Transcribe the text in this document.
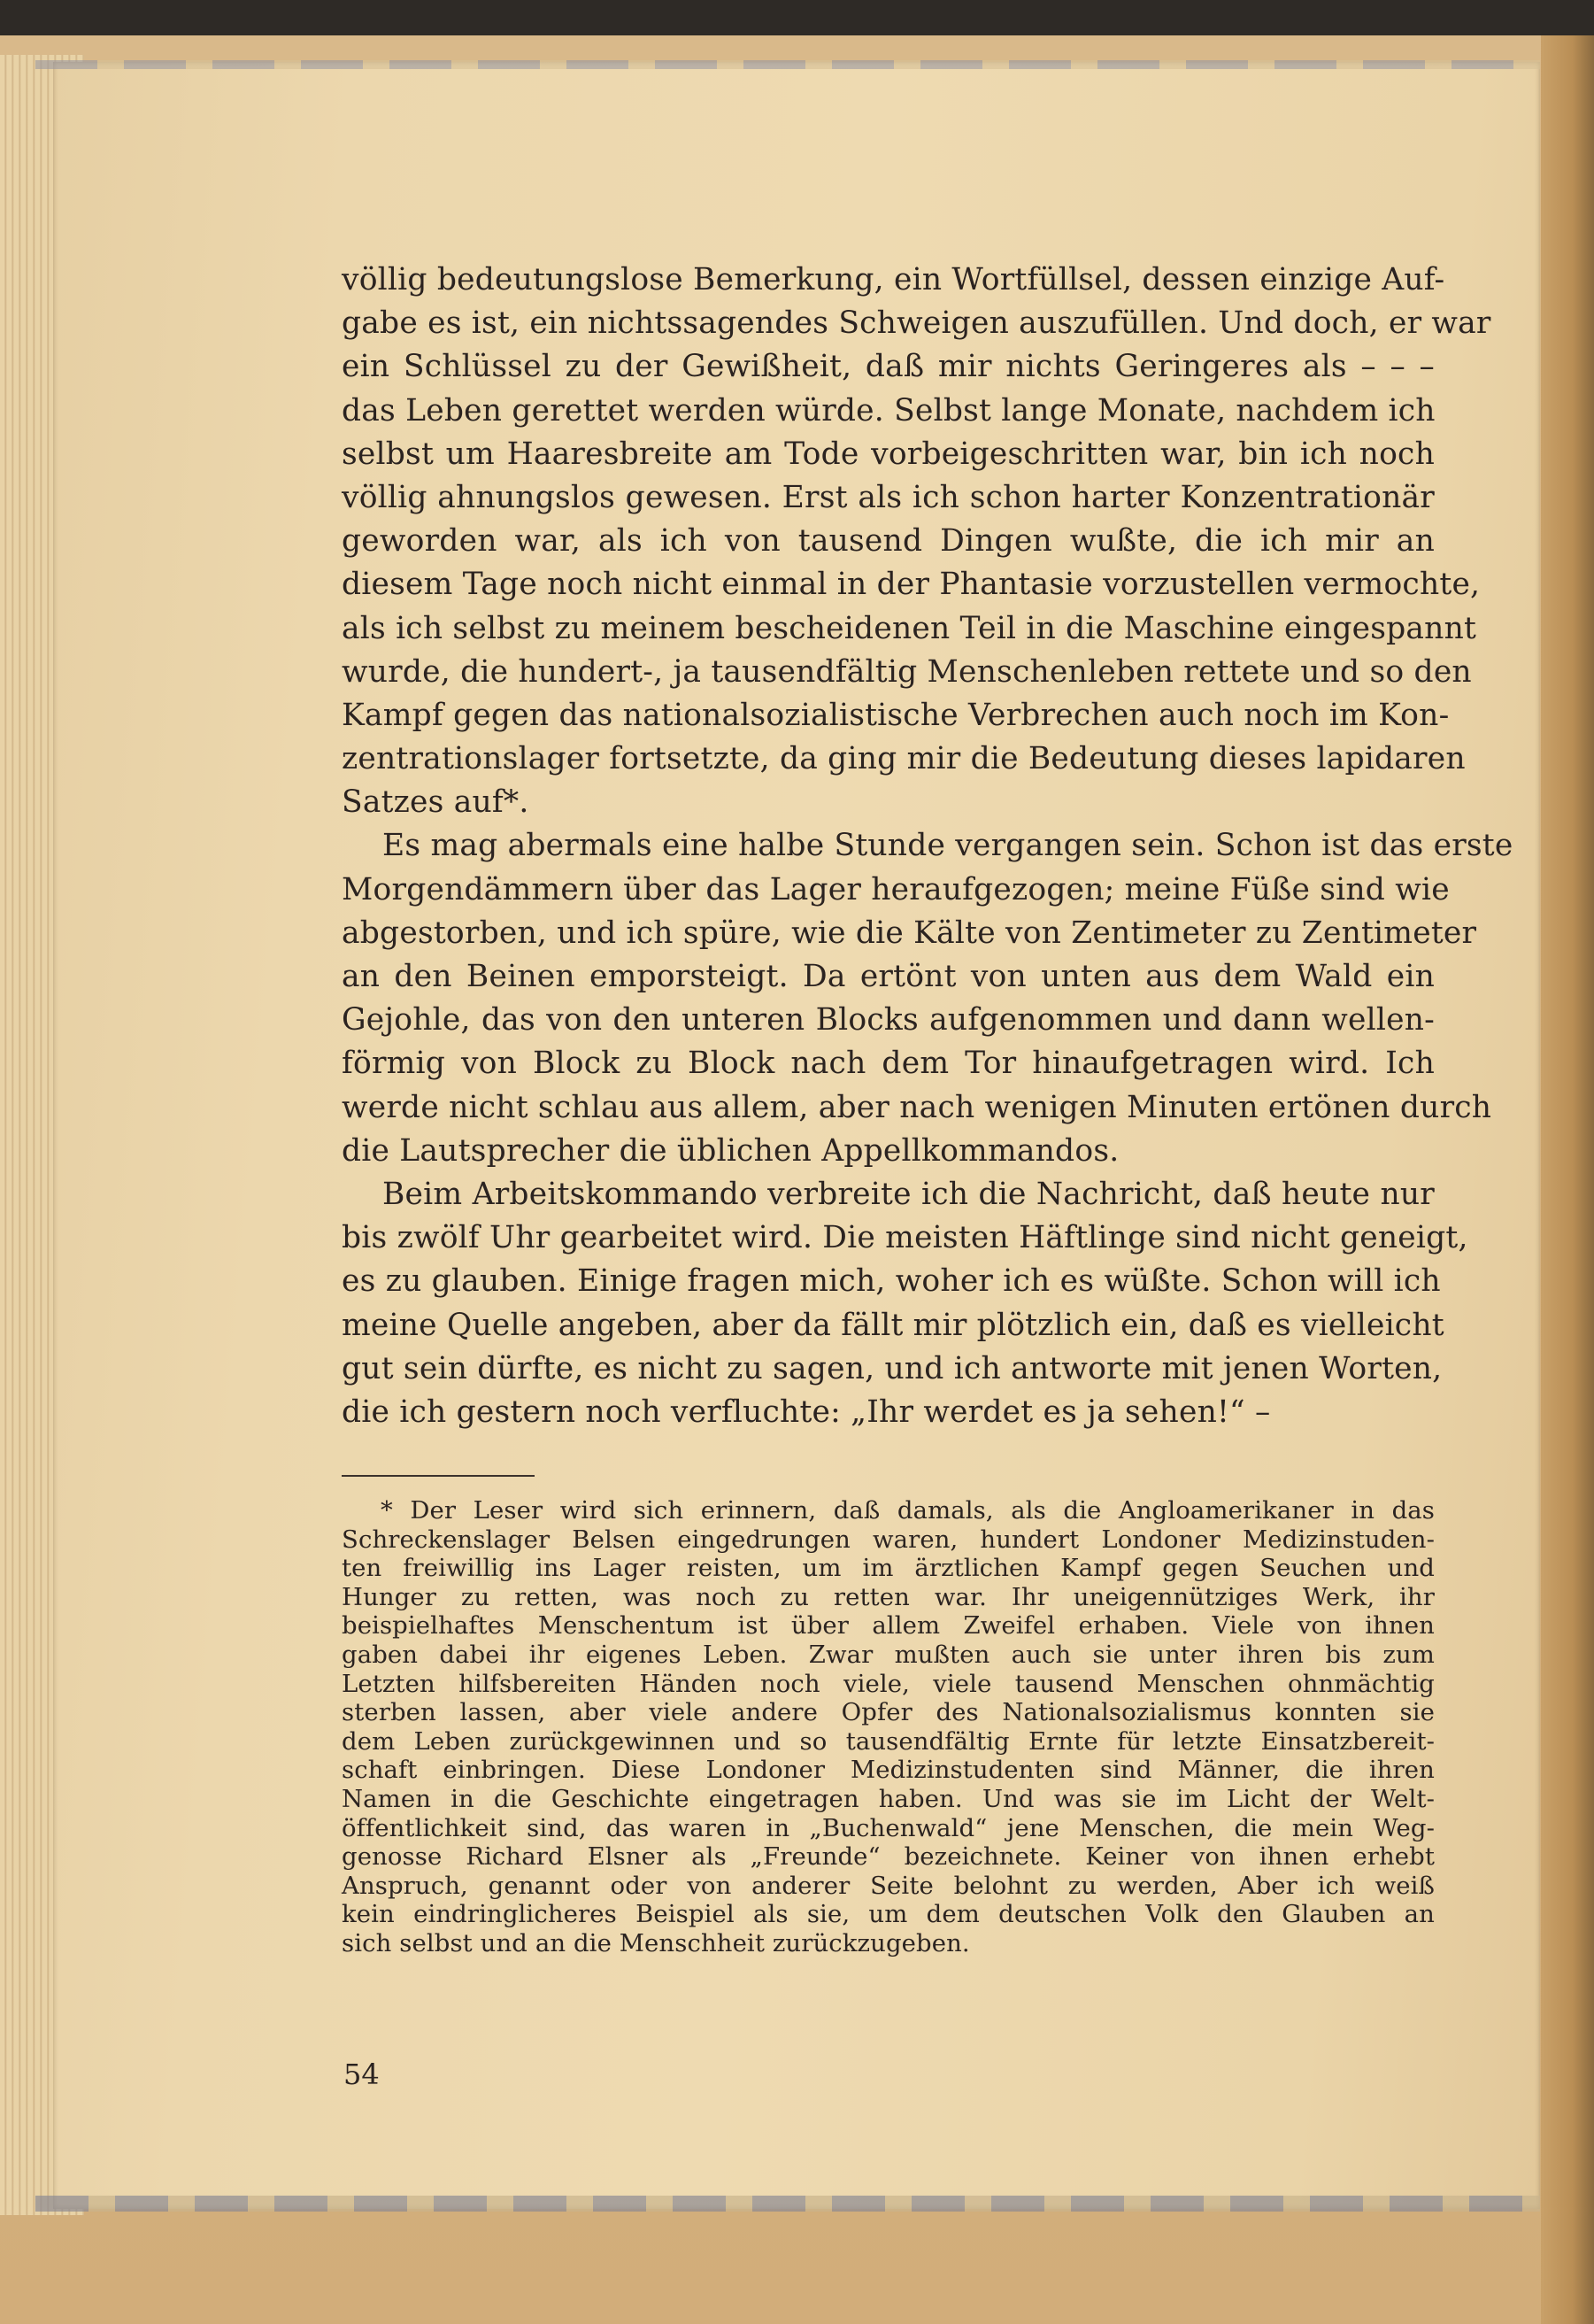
völlig bedeutungslose Bemerkung, ein Wortfüllsel, dessen einzige Auf-
gabe es ist, ein nichtssagendes Schweigen auszufüllen. Und doch, er war
ein Schlüssel zu der Gewißheit, daß mir nichts Geringeres als – – –
das Leben gerettet werden würde. Selbst lange Monate, nachdem ich
selbst um Haaresbreite am Tode vorbeigeschritten war, bin ich noch
völlig ahnungslos gewesen. Erst als ich schon harter Konzentrationär
geworden war, als ich von tausend Dingen wußte, die ich mir an
diesem Tage noch nicht einmal in der Phantasie vorzustellen vermochte,
als ich selbst zu meinem bescheidenen Teil in die Maschine eingespannt
wurde, die hundert-, ja tausendfältig Menschenleben rettete und so den
Kampf gegen das nationalsozialistische Verbrechen auch noch im Kon-
zentrationslager fortsetzte, da ging mir die Bedeutung dieses lapidaren
Satzes auf*.
Es mag abermals eine halbe Stunde vergangen sein. Schon ist das erste
Morgendämmern über das Lager heraufgezogen; meine Füße sind wie
abgestorben, und ich spüre, wie die Kälte von Zentimeter zu Zentimeter
an den Beinen emporsteigt. Da ertönt von unten aus dem Wald ein
Gejohle, das von den unteren Blocks aufgenommen und dann wellen-
förmig von Block zu Block nach dem Tor hinaufgetragen wird. Ich
werde nicht schlau aus allem, aber nach wenigen Minuten ertönen durch
die Lautsprecher die üblichen Appellkommandos.
Beim Arbeitskommando verbreite ich die Nachricht, daß heute nur
bis zwölf Uhr gearbeitet wird. Die meisten Häftlinge sind nicht geneigt,
es zu glauben. Einige fragen mich, woher ich es wüßte. Schon will ich
meine Quelle angeben, aber da fällt mir plötzlich ein, daß es vielleicht
gut sein dürfte, es nicht zu sagen, und ich antworte mit jenen Worten,
die ich gestern noch verfluchte: „Ihr werdet es ja sehen!“ –
* Der Leser wird sich erinnern, daß damals, als die Angloamerikaner in das
Schreckenslager Belsen eingedrungen waren, hundert Londoner Medizinstuden-
ten freiwillig ins Lager reisten, um im ärztlichen Kampf gegen Seuchen und
Hunger zu retten, was noch zu retten war. Ihr uneigennütziges Werk, ihr
beispielhaftes Menschentum ist über allem Zweifel erhaben. Viele von ihnen
gaben dabei ihr eigenes Leben. Zwar mußten auch sie unter ihren bis zum
Letzten hilfsbereiten Händen noch viele, viele tausend Menschen ohnmächtig
sterben lassen, aber viele andere Opfer des Nationalsozialismus konnten sie
dem Leben zurückgewinnen und so tausendfältig Ernte für letzte Einsatzbereit-
schaft einbringen. Diese Londoner Medizinstudenten sind Männer, die ihren
Namen in die Geschichte eingetragen haben. Und was sie im Licht der Welt-
öffentlichkeit sind, das waren in „Buchenwald“ jene Menschen, die mein Weg-
genosse Richard Elsner als „Freunde“ bezeichnete. Keiner von ihnen erhebt
Anspruch, genannt oder von anderer Seite belohnt zu werden, Aber ich weiß
kein eindringlicheres Beispiel als sie, um dem deutschen Volk den Glauben an
sich selbst und an die Menschheit zurückzugeben.
54
